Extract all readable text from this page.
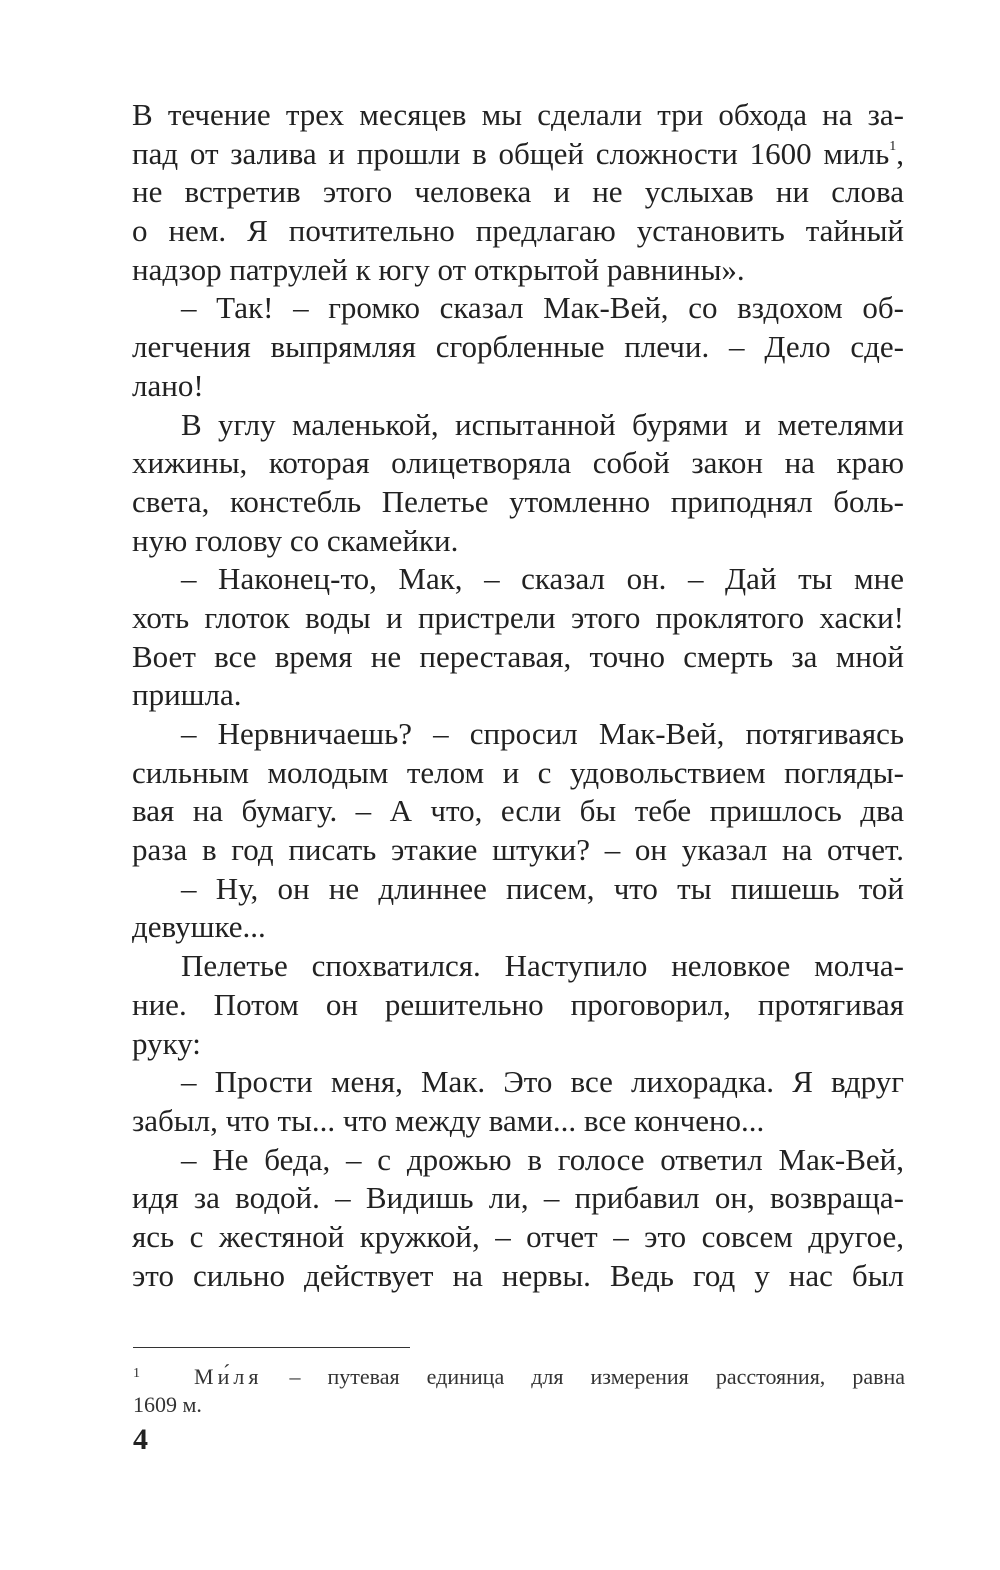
В течение трех месяцев мы сделали три обхода на за-
пад от залива и прошли в общей сложности 1600 миль$^1$,
не встретив этого человека и не услыхав ни слова
о нем. Я почтительно предлагаю установить тайный
надзор патрулей к югу от открытой равнины».
– Так! – громко сказал Мак-Вей, со вздохом об-
легчения выпрямляя сгорбленные плечи. – Дело сде-
лано!
В углу маленькой, испытанной бурями и метелями
хижины, которая олицетворяла собой закон на краю
света, констебль Пелетье утомленно приподнял боль-
ную голову со скамейки.
– Наконец-то, Мак, – сказал он. – Дай ты мне
хоть глоток воды и пристрели этого проклятого хаски!
Воет все время не переставая, точно смерть за мной
пришла.
– Нервничаешь? – спросил Мак-Вей, потягиваясь
сильным молодым телом и с удовольствием погляды-
вая на бумагу. – А что, если бы тебе пришлось два
раза в год писать этакие штуки? – он указал на отчет.
– Ну, он не длиннее писем, что ты пишешь той
девушке...
Пелетье спохватился. Наступило неловкое молча-
ние. Потом он решительно проговорил, протягивая
руку:
– Прости меня, Мак. Это все лихорадка. Я вдруг
забыл, что ты... что между вами... все кончено...
– Не беда, – с дрожью в голосе ответил Мак-Вей,
идя за водой. – Видишь ли, – прибавил он, возвраща-
ясь с жестяной кружкой, – отчет – это совсем другое,
это сильно действует на нервы. Ведь год у нас был
$^1$ Ми́ля – путевая единица для измерения расстояния, равна
1609 м.
4
